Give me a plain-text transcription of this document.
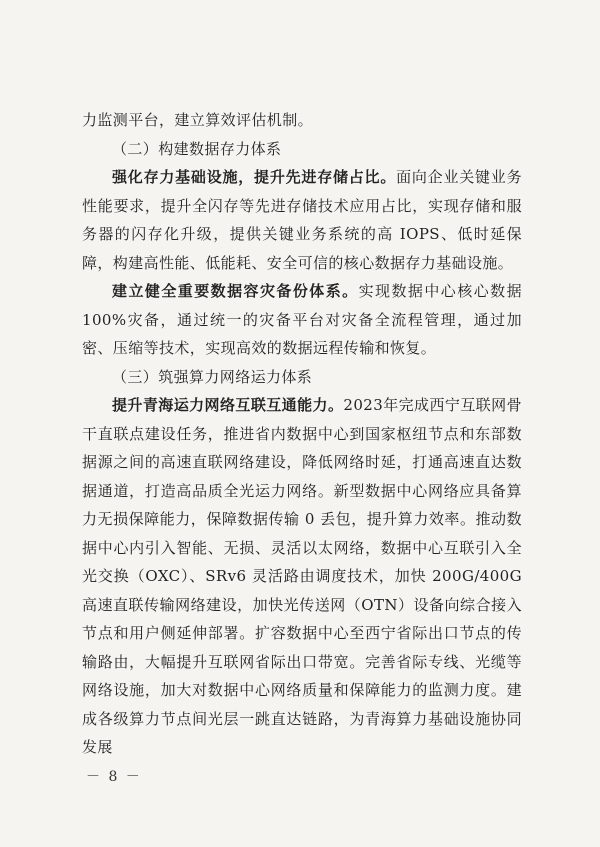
力监测平台，建立算效评估机制。

（二）构建数据存力体系

强化存力基础设施，提升先进存储占比。面向企业关键业务性能要求，提升全闪存等先进存储技术应用占比，实现存储和服务器的闪存化升级，提供关键业务系统的高 IOPS、低时延保障，构建高性能、低能耗、安全可信的核心数据存力基础设施。

建立健全重要数据容灾备份体系。实现数据中心核心数据100%灾备，通过统一的灾备平台对灾备全流程管理，通过加密、压缩等技术，实现高效的数据远程传输和恢复。

（三）筑强算力网络运力体系

提升青海运力网络互联互通能力。2023年完成西宁互联网骨干直联点建设任务，推进省内数据中心到国家枢纽节点和东部数据源之间的高速直联网络建设，降低网络时延，打通高速直达数据通道，打造高品质全光运力网络。新型数据中心网络应具备算力无损保障能力，保障数据传输 0 丢包，提升算力效率。推动数据中心内引入智能、无损、灵活以太网络，数据中心互联引入全光交换（OXC）、SRv6 灵活路由调度技术，加快 200G/400G 高速直联传输网络建设，加快光传送网（OTN）设备向综合接入节点和用户侧延伸部署。扩容数据中心至西宁省际出口节点的传输路由，大幅提升互联网省际出口带宽。完善省际专线、光缆等网络设施，加大对数据中心网络质量和保障能力的监测力度。建成各级算力节点间光层一跳直达链路，为青海算力基础设施协同发展

－ 8 －
